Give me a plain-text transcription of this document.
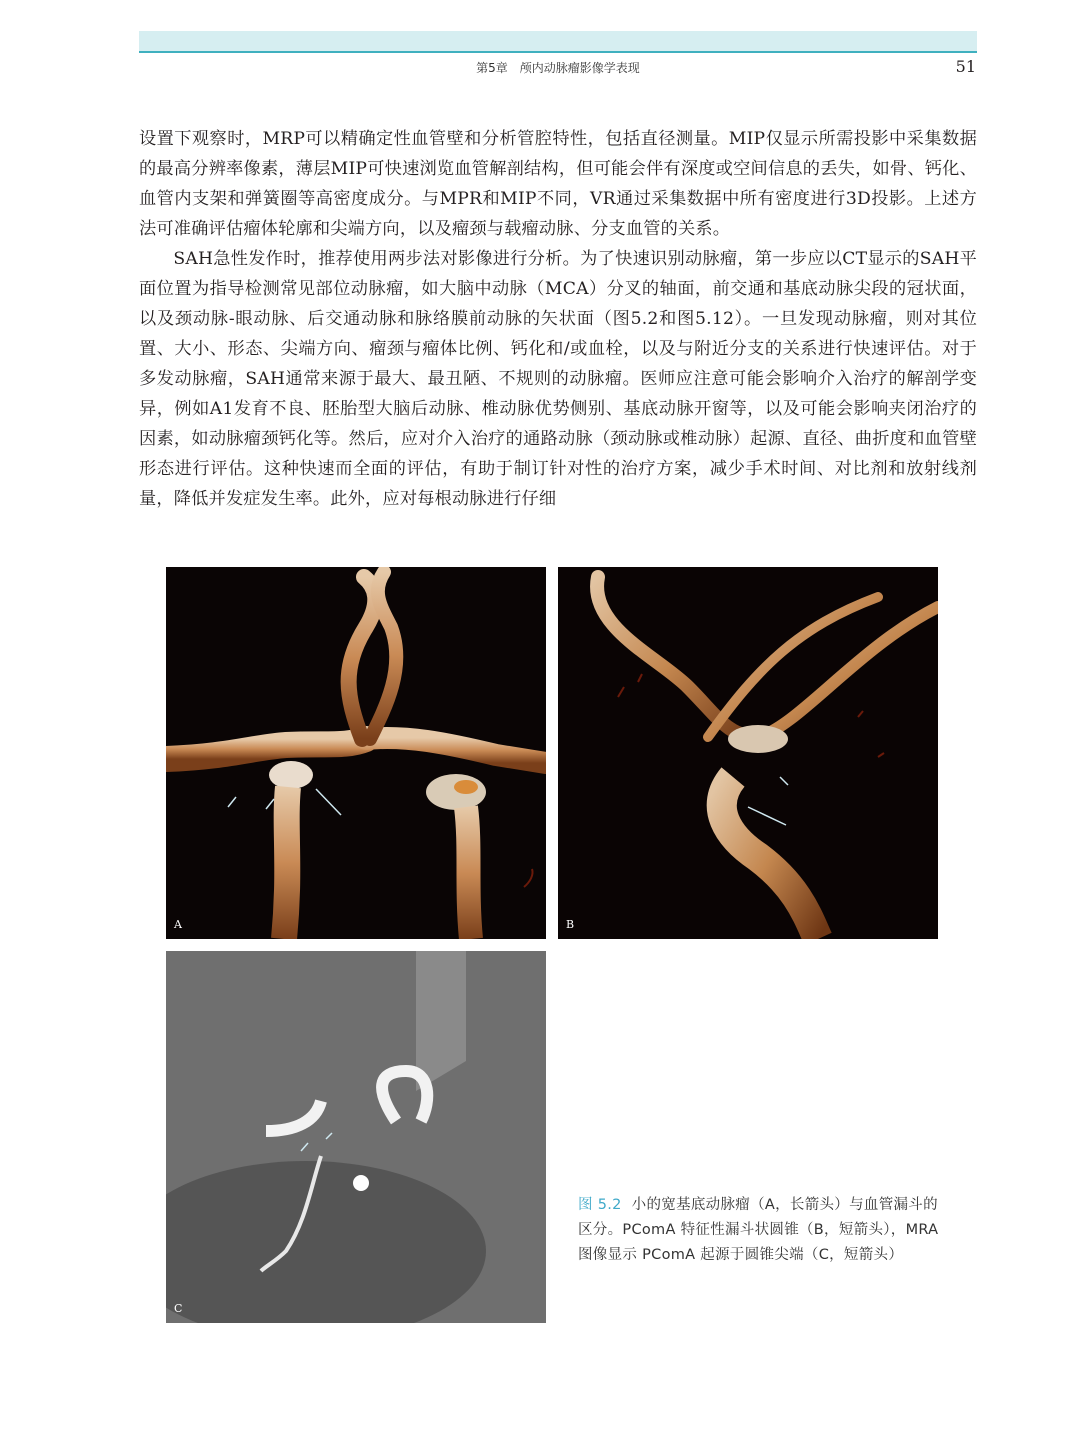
第5章　颅内动脉瘤影像学表现	51

设置下观察时，MRP可以精确定性血管壁和分析管腔特性，包括直径测量。MIP仅显示所需投影中采集数据的最高分辨率像素，薄层MIP可快速浏览血管解剖结构，但可能会伴有深度或空间信息的丢失，如骨、钙化、血管内支架和弹簧圈等高密度成分。与MPR和MIP不同，VR通过采集数据中所有密度进行3D投影。上述方法可准确评估瘤体轮廓和尖端方向，以及瘤颈与载瘤动脉、分支血管的关系。

SAH急性发作时，推荐使用两步法对影像进行分析。为了快速识别动脉瘤，第一步应以CT显示的SAH平面位置为指导检测常见部位动脉瘤，如大脑中动脉（MCA）分叉的轴面，前交通和基底动脉尖段的冠状面，以及颈动脉-眼动脉、后交通动脉和脉络膜前动脉的矢状面（图5.2和图5.12）。一旦发现动脉瘤，则对其位置、大小、形态、尖端方向、瘤颈与瘤体比例、钙化和/或血栓，以及与附近分支的关系进行快速评估。对于多发动脉瘤，SAH通常来源于最大、最丑陋、不规则的动脉瘤。医师应注意可能会影响介入治疗的解剖学变异，例如A1发育不良、胚胎型大脑后动脉、椎动脉优势侧别、基底动脉开窗等，以及可能会影响夹闭治疗的因素，如动脉瘤颈钙化等。然后，应对介入治疗的通路动脉（颈动脉或椎动脉）起源、直径、曲折度和血管壁形态进行评估。这种快速而全面的评估，有助于制订针对性的治疗方案，减少手术时间、对比剂和放射线剂量，降低并发症发生率。此外，应对每根动脉进行仔细

A	B
C
图 5.2 小的宽基底动脉瘤（A，长箭头）与血管漏斗的区分。PComA 特征性漏斗状圆锥（B，短箭头），MRA 图像显示 PComA 起源于圆锥尖端（C，短箭头）
